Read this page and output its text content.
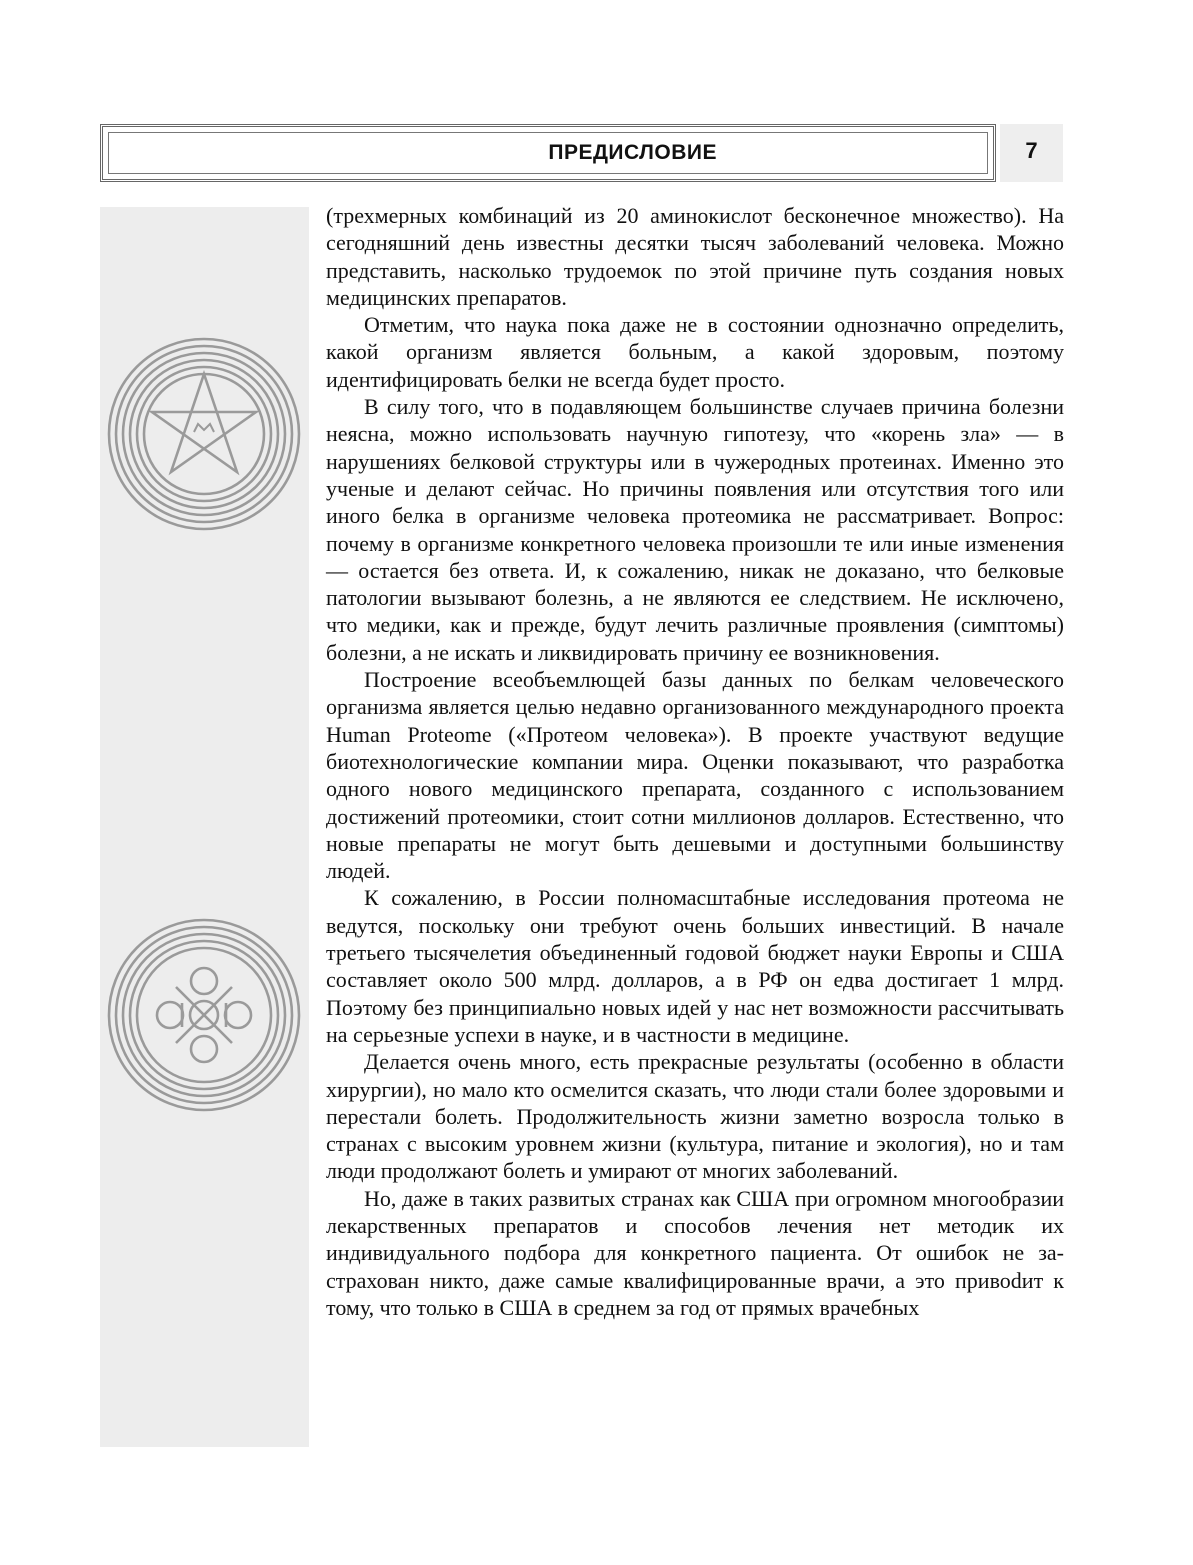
ПРЕДИСЛОВИЕ	7

(трехмерных комбинаций из 20 аминокислот бесконечное множество). На сегодняшний день известны десятки тысяч заболеваний человека. Можно представить, насколько трудоемок по этой причине путь создания новых медицинских препаратов.

Отметим, что наука пока даже не в состоянии однозначно определить, какой организм является больным, а какой здоровым, поэтому идентифицировать белки не всегда будет просто.

В силу того, что в подавляющем большинстве случаев причина болезни неясна, можно использовать научную гипотезу, что «корень зла» — в нарушениях белковой структуры или в чужеродных протеинах. Именно это ученые и делают сейчас. Но причины появления или отсутствия того или иного белка в организме человека протеомика не рассматривает. Вопрос: почему в организме конкретного человека произошли те или иные изменения — остается без ответа. И, к сожалению, никак не доказано, что белковые патологии вызывают болезнь, а не являются ее следствием. Не исключено, что медики, как и прежде, будут лечить различные проявления (симптомы) болезни, а не искать и ликвидировать причину ее возникновения.

Построение всеобъемлющей базы данных по белкам человеческого организма является целью недавно организованного международного проекта Human Proteome («Протеом человека»). В проекте участвуют ведущие биотехнологические компании мира. Оценки показывают, что разработка одного нового медицинского препарата, созданного с использованием достижений протеомики, стоит сотни миллионов долларов. Естественно, что новые препараты не могут быть дешевыми и доступными большинству людей.

К сожалению, в России полномасштабные исследования протеома не ведутся, поскольку они требуют очень больших инвестиций. В начале третьего тысячелетия объединенный годовой бюджет науки Европы и США составляет около 500 млрд. долларов, а в РФ он едва достигает 1 млрд. Поэтому без принципиально новых идей у нас нет возможности рассчитывать на серьезные успехи в науке, и в частности в медицине.

Делается очень много, есть прекрасные результаты (особенно в области хирургии), но мало кто осмелится сказать, что люди стали более здоровыми и перестали болеть. Продолжительность жизни заметно возросла только в странах с высоким уровнем жизни (культура, питание и экология), но и там люди продолжают болеть и умирают от многих заболеваний.

Но, даже в таких развитых странах как США при огромном многообразии лекарственных препаратов и способов лечения нет методик их индивидуального подбора для конкретного пациента. От ошибок не застрахован никто, даже самые квалифицированные врачи, а это привоdит к тому, что только в США в среднем за год от прямых врачебных
